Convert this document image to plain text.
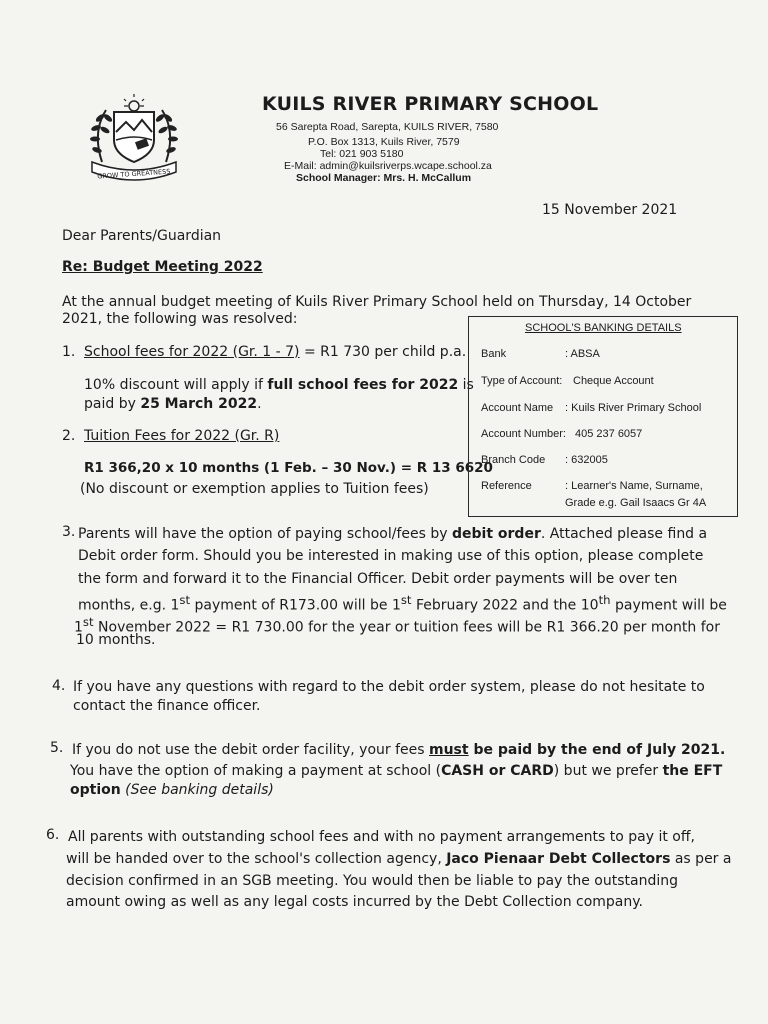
GROW TO GREATNESS
KUILS RIVER PRIMARY SCHOOL
56 Sarepta Road, Sarepta, KUILS RIVER, 7580
P.O. Box 1313, Kuils River, 7579
Tel: 021 903 5180
E-Mail: admin@kuilsriverps.wcape.school.za
School Manager: Mrs. H. McCallum
15 November 2021
Dear Parents/Guardian
Re: Budget Meeting 2022
At the annual budget meeting of Kuils River Primary School held on Thursday, 14 October
2021, the following was resolved:
1. School fees for 2022 (Gr. 1 - 7) = R1 730 per child p.a.
10% discount will apply if full school fees for 2022 is
paid by 25 March 2022.
2. Tuition Fees for 2022 (Gr. R)
R1 366,20 x 10 months (1 Feb. – 30 Nov.) = R 13 6620
(No discount or exemption applies to Tuition fees)
SCHOOL'S BANKING DETAILS
Bank	: ABSA
Type of Account: Cheque Account
Account Name : Kuils River Primary School
Account Number: 405 237 6057
Branch Code : 632005
Reference	: Learner's Name, Surname,
Grade e.g. Gail Isaacs Gr 4A
3. Parents will have the option of paying school/fees by debit order. Attached please find a
Debit order form. Should you be interested in making use of this option, please complete
the form and forward it to the Financial Officer. Debit order payments will be over ten
months, e.g. 1st payment of R173.00 will be 1st February 2022 and the 10th payment will be
1st November 2022 = R1 730.00 for the year or tuition fees will be R1 366.20 per month for
10 months.
4. If you have any questions with regard to the debit order system, please do not hesitate to
contact the finance officer.
5. If you do not use the debit order facility, your fees must be paid by the end of July 2021.
You have the option of making a payment at school (CASH or CARD) but we prefer the EFT
option (See banking details)
6. All parents with outstanding school fees and with no payment arrangements to pay it off,
will be handed over to the school's collection agency, Jaco Pienaar Debt Collectors as per a
decision confirmed in an SGB meeting. You would then be liable to pay the outstanding
amount owing as well as any legal costs incurred by the Debt Collection company.
